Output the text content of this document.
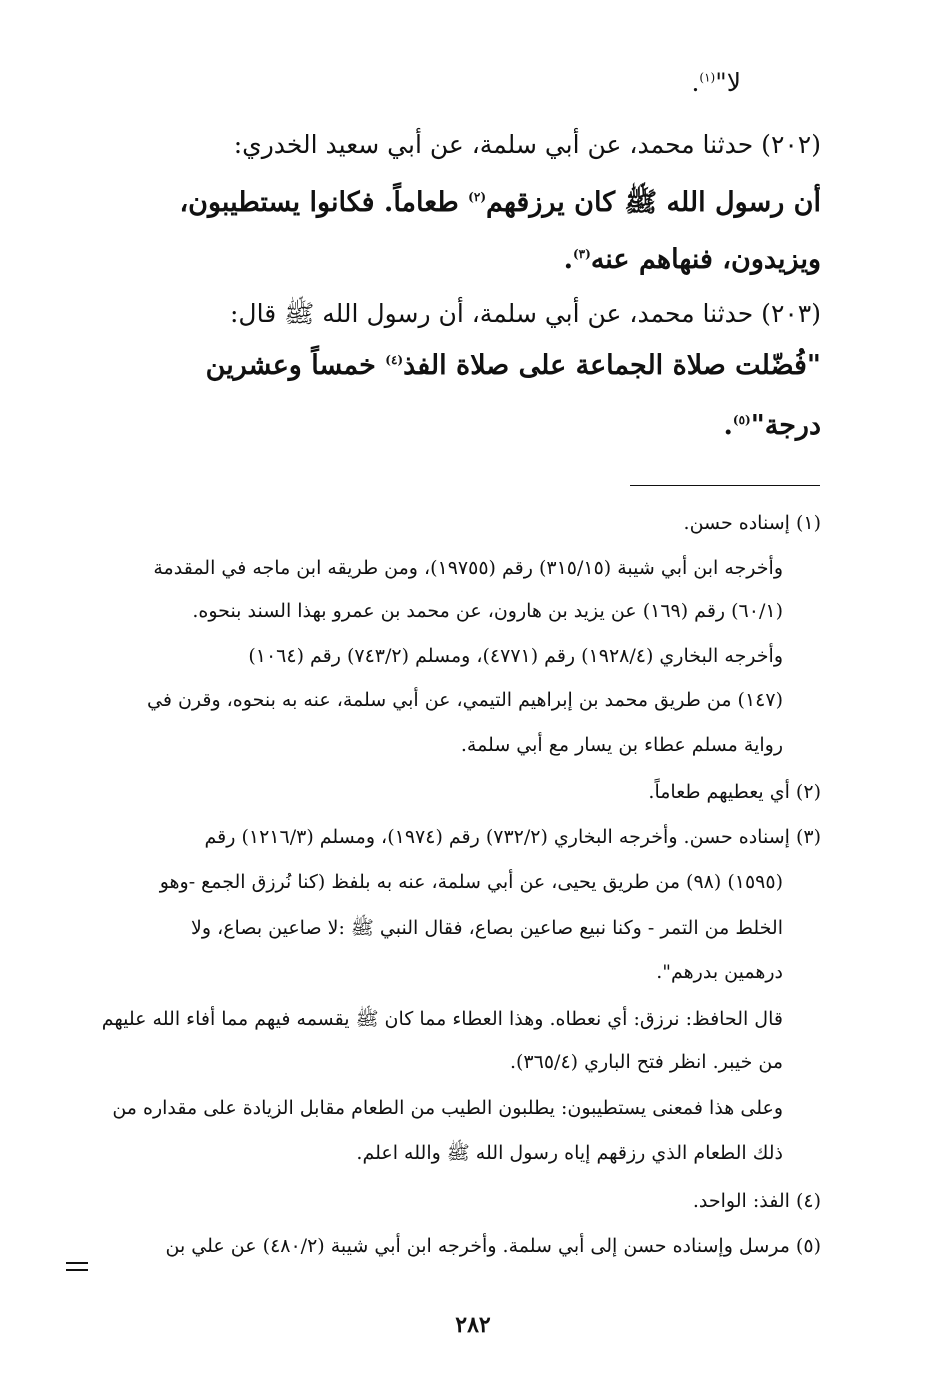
لا"$^{(١)}$.
(٢٠٢) حدثنا محمد، عن أبي سلمة، عن أبي سعيد الخدري:
أن رسول الله ﷺ كان يرزقهم$^{(٢)}$ طعاماً. فكانوا يستطيبون،
ويزيدون، فنهاهم عنه$^{(٣)}$.
(٢٠٣) حدثنا محمد، عن أبي سلمة، أن رسول الله ﷺ قال:
"فُضّلت صلاة الجماعة على صلاة الفذ$^{(٤)}$ خمساً وعشرين
درجة"$^{(٥)}$.
(١) إسناده حسن.
وأخرجه ابن أبي شيبة (٣١٥/١٥) رقم (١٩٧٥٥)، ومن طريقه ابن ماجه في المقدمة
(٦٠/١) رقم (١٦٩) عن يزيد بن هارون، عن محمد بن عمرو بهذا السند بنحوه.
وأخرجه البخاري (١٩٢٨/٤) رقم (٤٧٧١)، ومسلم (٧٤٣/٢) رقم (١٠٦٤)
(١٤٧) من طريق محمد بن إبراهيم التيمي، عن أبي سلمة، عنه به بنحوه، وقرن في
رواية مسلم عطاء بن يسار مع أبي سلمة.
(٢) أي يعطيهم طعاماً.
(٣) إسناده حسن. وأخرجه البخاري (٧٣٢/٢) رقم (١٩٧٤)، ومسلم (١٢١٦/٣) رقم
(١٥٩٥) (٩٨) من طريق يحيى، عن أبي سلمة، عنه به بلفظ (كنا نُرزق الجمع -وهو
الخلط من التمر - وكنا نبيع صاعين بصاع، فقال النبي ﷺ :لا صاعين بصاع، ولا
درهمين بدرهم".
قال الحافظ: نرزق: أي نعطاه. وهذا العطاء مما كان ﷺ يقسمه فيهم مما أفاء الله عليهم
من خيبر. انظر فتح الباري (٣٦٥/٤).
وعلى هذا فمعنى يستطيبون: يطلبون الطيب من الطعام مقابل الزيادة على مقداره من
ذلك الطعام الذي رزقهم إياه رسول الله ﷺ والله اعلم.
(٤) الفذ: الواحد.
(٥) مرسل وإسناده حسن إلى أبي سلمة. وأخرجه ابن أبي شيبة (٤٨٠/٢) عن علي بن
٢٨٢
